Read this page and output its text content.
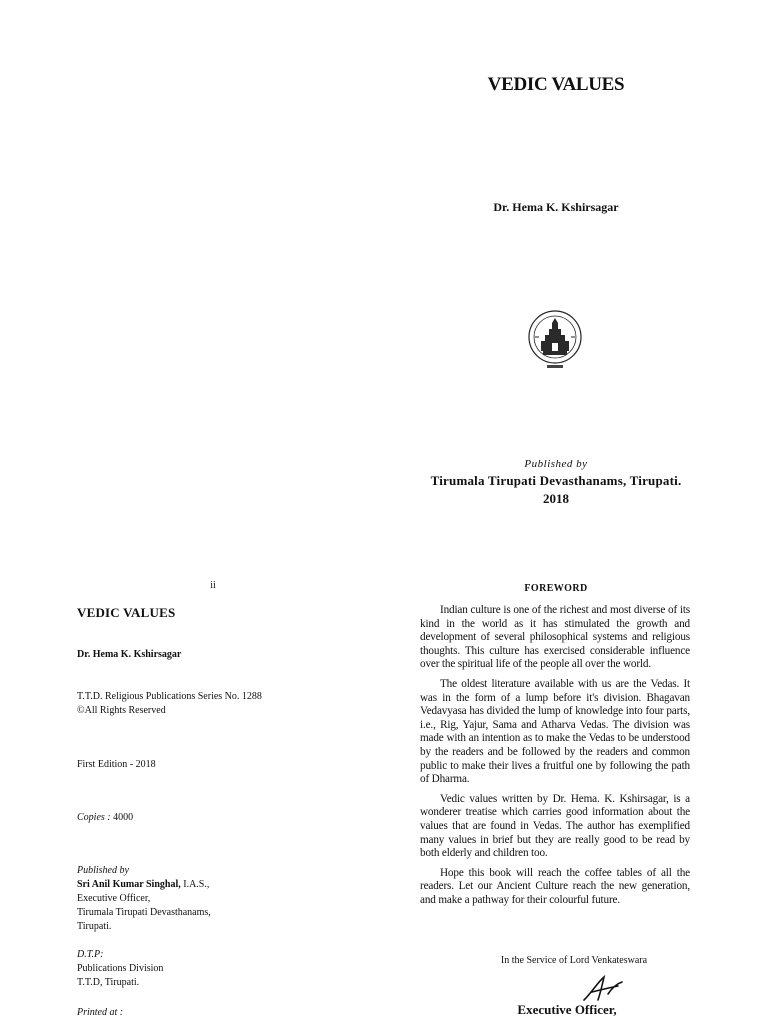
VEDIC VALUES
Dr. Hema K. Kshirsagar
Published by
Tirumala Tirupati Devasthanams, Tirupati.
2018
ii
VEDIC VALUES
Dr. Hema K. Kshirsagar
T.T.D. Religious Publications Series No. 1288
©All Rights Reserved
First Edition - 2018
Copies : 4000
Published by
Sri Anil Kumar Singhal, I.A.S.,
Executive Officer,
Tirumala Tirupati Devasthanams,
Tirupati.
D.T.P:
Publications Division
T.T.D, Tirupati.
Printed at :
FOREWORD

Indian culture is one of the richest and most diverse of its kind in the world as it has stimulated the growth and development of several philosophical systems and religious thoughts. This culture has exercised considerable influence over the spiritual life of the people all over the world.

The oldest literature available with us are the Vedas. It was in the form of a lump before it's division. Bhagavan Vedavyasa has divided the lump of knowledge into four parts, i.e., Rig, Yajur, Sama and Atharva Vedas. The division was made with an intention as to make the Vedas to be understood by the readers and be followed by the readers and common public to make their lives a fruitful one by following the path of Dharma.

Vedic values written by Dr. Hema. K. Kshirsagar, is a wonderer treatise which carries good information about the values that are found in Vedas. The author has exemplified many values in brief but they are really good to be read by both elderly and children too.

Hope this book will reach the coffee tables of all the readers. Let our Ancient Culture reach the new generation, and make a pathway for their colourful future.

In the Service of Lord Venkateswara
Executive Officer,
